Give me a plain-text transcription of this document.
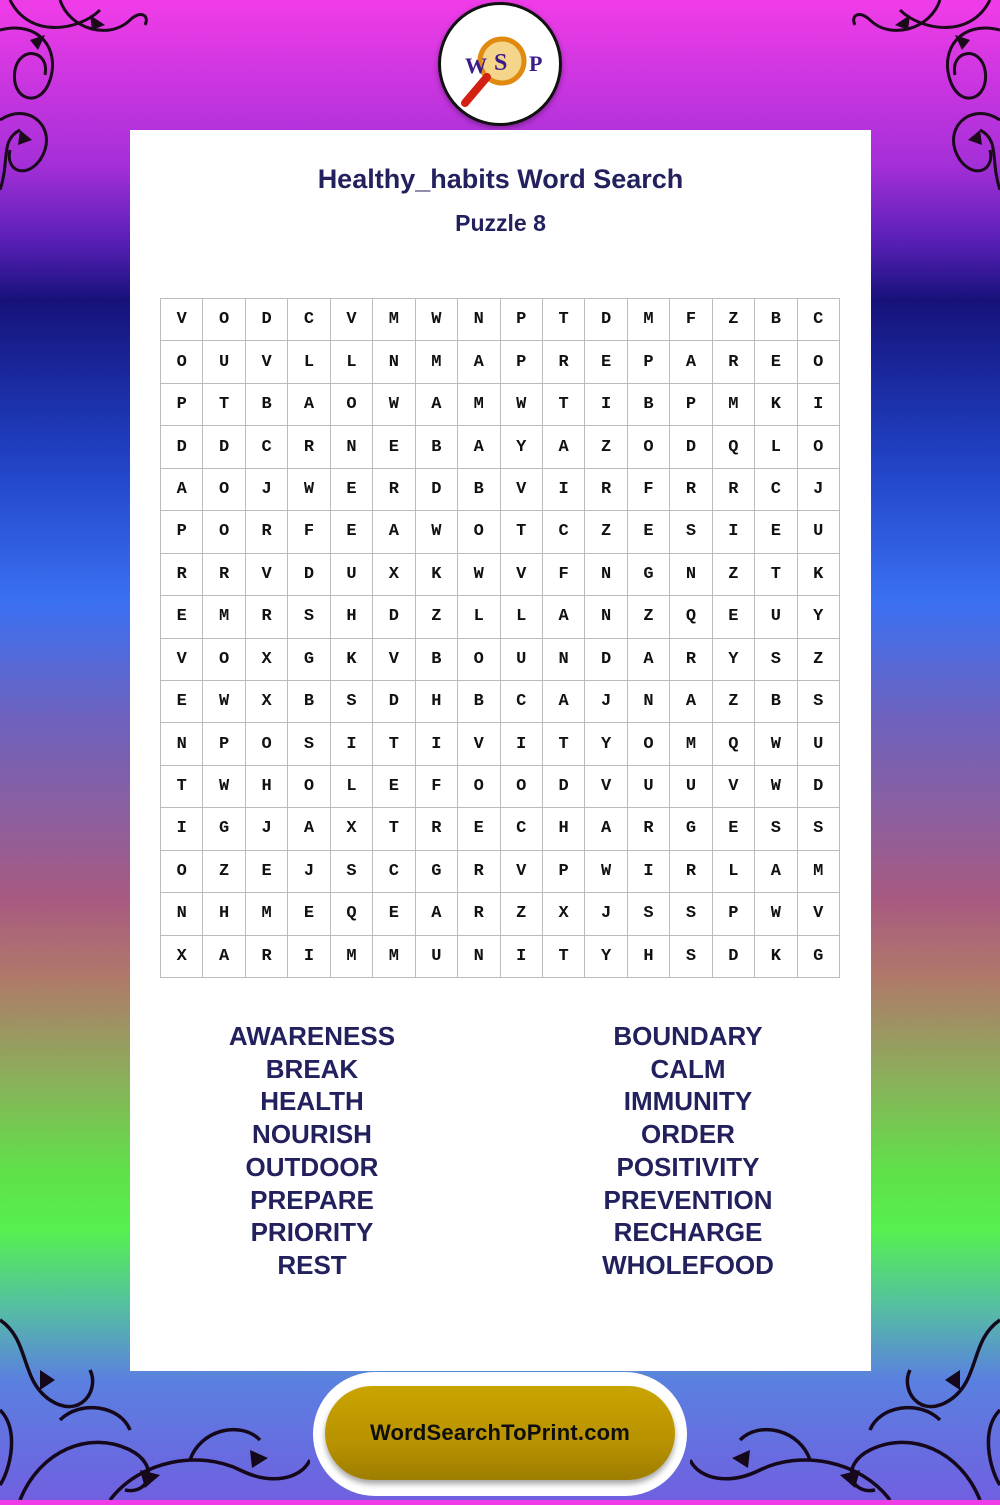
W S P
Healthy_habits Word Search
Puzzle 8
V	O	D	C	V	M	W	N	P	T	D	M	F	Z	B	C
O	U	V	L	L	N	M	A	P	R	E	P	A	R	E	O
P	T	B	A	O	W	A	M	W	T	I	B	P	M	K	I
D	D	C	R	N	E	B	A	Y	A	Z	O	D	Q	L	O
A	O	J	W	E	R	D	B	V	I	R	F	R	R	C	J
P	O	R	F	E	A	W	O	T	C	Z	E	S	I	E	U
R	R	V	D	U	X	K	W	V	F	N	G	N	Z	T	K
E	M	R	S	H	D	Z	L	L	A	N	Z	Q	E	U	Y
V	O	X	G	K	V	B	O	U	N	D	A	R	Y	S	Z
E	W	X	B	S	D	H	B	C	A	J	N	A	Z	B	S
N	P	O	S	I	T	I	V	I	T	Y	O	M	Q	W	U
T	W	H	O	L	E	F	O	O	D	V	U	U	V	W	D
I	G	J	A	X	T	R	E	C	H	A	R	G	E	S	S
O	Z	E	J	S	C	G	R	V	P	W	I	R	L	A	M
N	H	M	E	Q	E	A	R	Z	X	J	S	S	P	W	V
X	A	R	I	M	M	U	N	I	T	Y	H	S	D	K	G
AWARENESS
BREAK
HEALTH
NOURISH
OUTDOOR
PREPARE
PRIORITY
REST
BOUNDARY
CALM
IMMUNITY
ORDER
POSITIVITY
PREVENTION
RECHARGE
WHOLEFOOD
WordSearchToPrint.com
